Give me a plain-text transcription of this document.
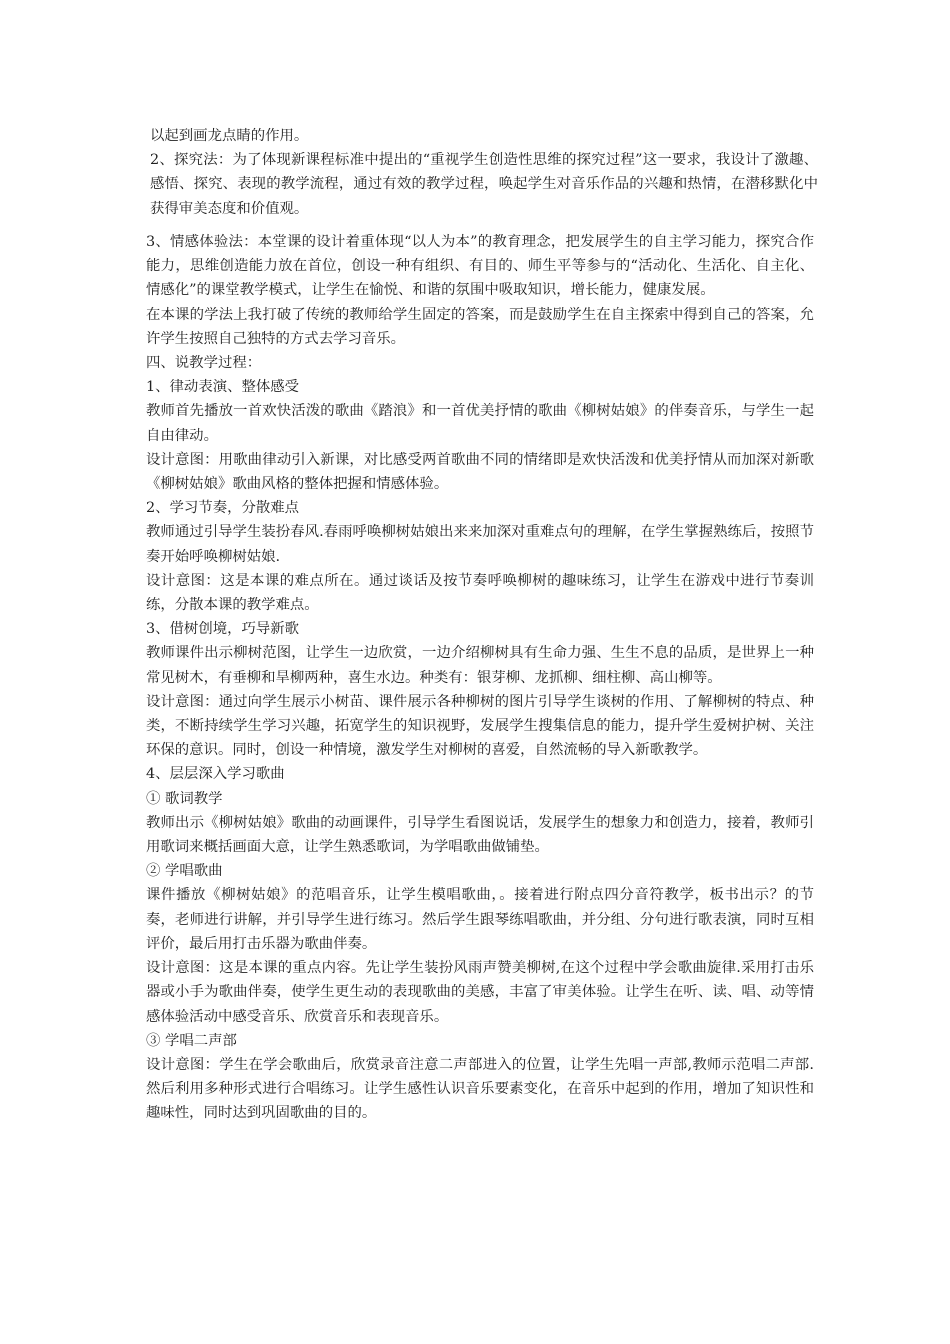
以起到画龙点睛的作用。

2、探究法：为了体现新课程标准中提出的“重视学生创造性思维的探究过程”这一要求，我设计了激趣、感悟、探究、表现的教学流程，通过有效的教学过程，唤起学生对音乐作品的兴趣和热情，在潜移默化中获得审美态度和价值观。

3、情感体验法：本堂课的设计着重体现“以人为本”的教育理念，把发展学生的自主学习能力，探究合作能力，思维创造能力放在首位，创设一种有组织、有目的、师生平等参与的“活动化、生活化、自主化、情感化”的课堂教学模式，让学生在愉悦、和谐的氛围中吸取知识，增长能力，健康发展。

在本课的学法上我打破了传统的教师给学生固定的答案，而是鼓励学生在自主探索中得到自己的答案，允许学生按照自己独特的方式去学习音乐。

四、说教学过程：

1、律动表演、整体感受

教师首先播放一首欢快活泼的歌曲《踏浪》和一首优美抒情的歌曲《柳树姑娘》的伴奏音乐，与学生一起自由律动。

设计意图：用歌曲律动引入新课，对比感受两首歌曲不同的情绪即是欢快活泼和优美抒情从而加深对新歌《柳树姑娘》歌曲风格的整体把握和情感体验。

2、学习节奏，分散难点

教师通过引导学生装扮春风.春雨呼唤柳树姑娘出来来加深对重难点句的理解，在学生掌握熟练后，按照节奏开始呼唤柳树姑娘.

设计意图：这是本课的难点所在。通过谈话及按节奏呼唤柳树的趣味练习，让学生在游戏中进行节奏训练，分散本课的教学难点。

3、借树创境，巧导新歌

教师课件出示柳树范图，让学生一边欣赏，一边介绍柳树具有生命力强、生生不息的品质，是世界上一种常见树木，有垂柳和旱柳两种，喜生水边。种类有：银芽柳、龙抓柳、细柱柳、高山柳等。

设计意图：通过向学生展示小树苗、课件展示各种柳树的图片引导学生谈树的作用、了解柳树的特点、种类，不断持续学生学习兴趣，拓宽学生的知识视野，发展学生搜集信息的能力，提升学生爱树护树、关注环保的意识。同时，创设一种情境，激发学生对柳树的喜爱，自然流畅的导入新歌教学。

4、层层深入学习歌曲

① 歌词教学

教师出示《柳树姑娘》歌曲的动画课件，引导学生看图说话，发展学生的想象力和创造力，接着，教师引用歌词来概括画面大意，让学生熟悉歌词，为学唱歌曲做铺垫。

② 学唱歌曲

课件播放《柳树姑娘》的范唱音乐，让学生模唱歌曲，。接着进行附点四分音符教学，板书出示？的节奏，老师进行讲解，并引导学生进行练习。然后学生跟琴练唱歌曲，并分组、分句进行歌表演，同时互相评价，最后用打击乐器为歌曲伴奏。

设计意图：这是本课的重点内容。先让学生装扮风雨声赞美柳树,在这个过程中学会歌曲旋律.采用打击乐器或小手为歌曲伴奏，使学生更生动的表现歌曲的美感，丰富了审美体验。让学生在听、读、唱、动等情感体验活动中感受音乐、欣赏音乐和表现音乐。

③ 学唱二声部

设计意图：学生在学会歌曲后，欣赏录音注意二声部进入的位置，让学生先唱一声部,教师示范唱二声部.然后利用多种形式进行合唱练习。让学生感性认识音乐要素变化，在音乐中起到的作用，增加了知识性和趣味性，同时达到巩固歌曲的目的。
